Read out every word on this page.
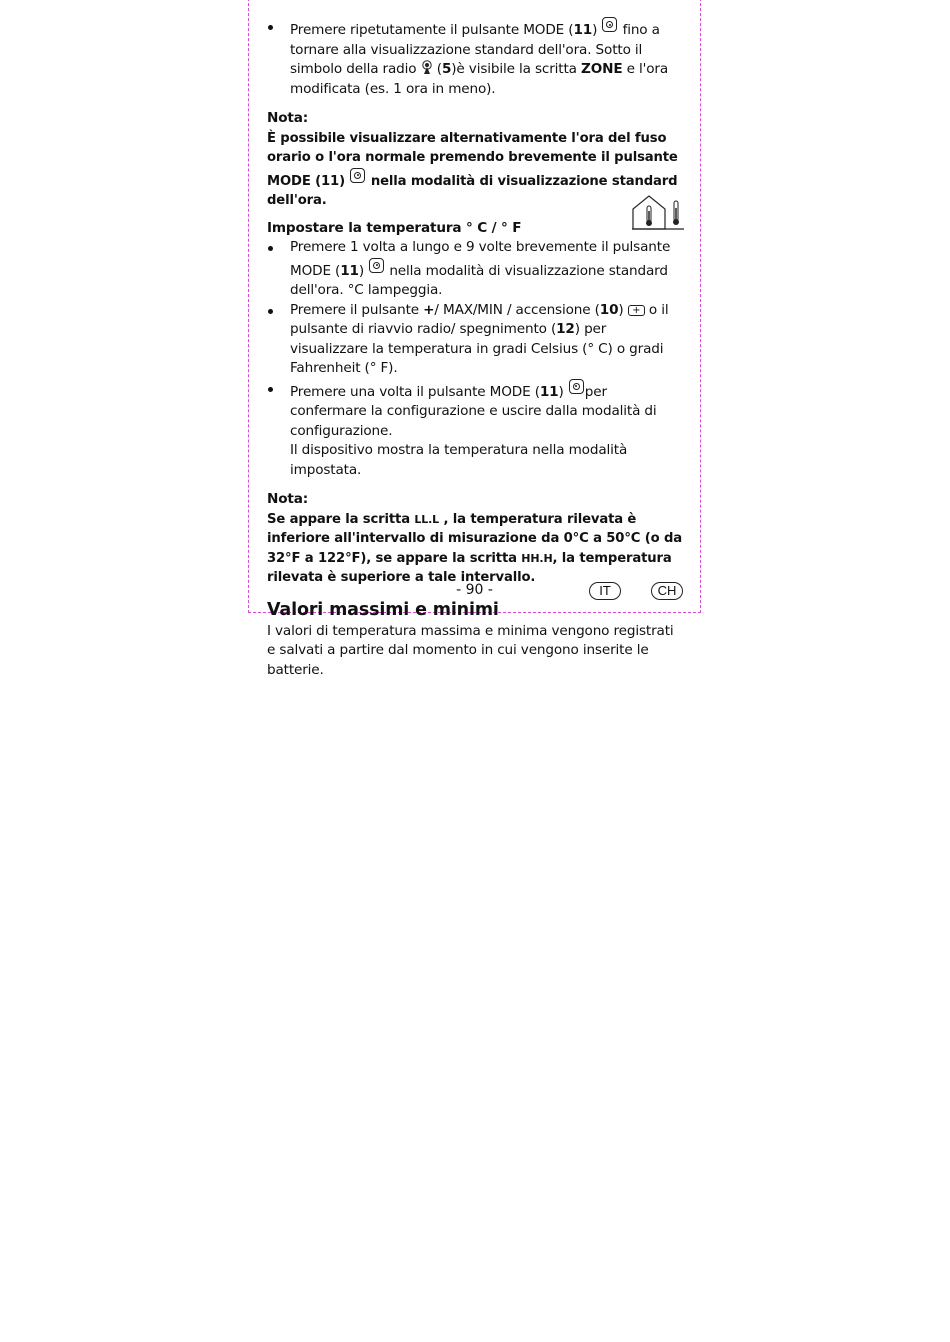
Premere ripetutamente il pulsante MODE (11)
fino a tornare alla visualizzazione standard dell'ora. Sotto il simbolo della radio  (5)è visibile la scritta ZONE e l'ora modificata (es. 1 ora in meno).
Nota:
È possibile visualizzare alternativamente l'ora del fuso orario o l'ora normale premendo brevemente il pulsante MODE (11)
nella modalità di visualizzazione standard dell'ora.
Impostare la temperatura ° C / ° F
Premere 1 volta a lungo e 9 volte brevemente il pulsante MODE (11)
nella modalità di visualizzazione standard dell'ora. °C lampeggia.
Premere il pulsante +/ MAX/MIN / accensione (10) + o il pulsante di riavvio radio/ spegnimento (12) per visualizzare la temperatura in gradi Celsius (° C) o gradi Fahrenheit (° F).
Premere una volta il pulsante MODE (11) per confermare la configurazione e uscire dalla modalità di configurazione.
Il dispositivo mostra la temperatura nella modalità impostata.
Nota:
Se appare la scritta LL.L , la temperatura rilevata è inferiore all'intervallo di misurazione da 0°C a 50°C (o da 32°F a 122°F), se appare la scritta HH.H, la temperatura rilevata è superiore a tale intervallo.
Valori massimi e minimi
I valori di temperatura massima e minima vengono registrati e salvati a partire dal momento in cui vengono inserite le batterie.
- 90 -	IT	CH
